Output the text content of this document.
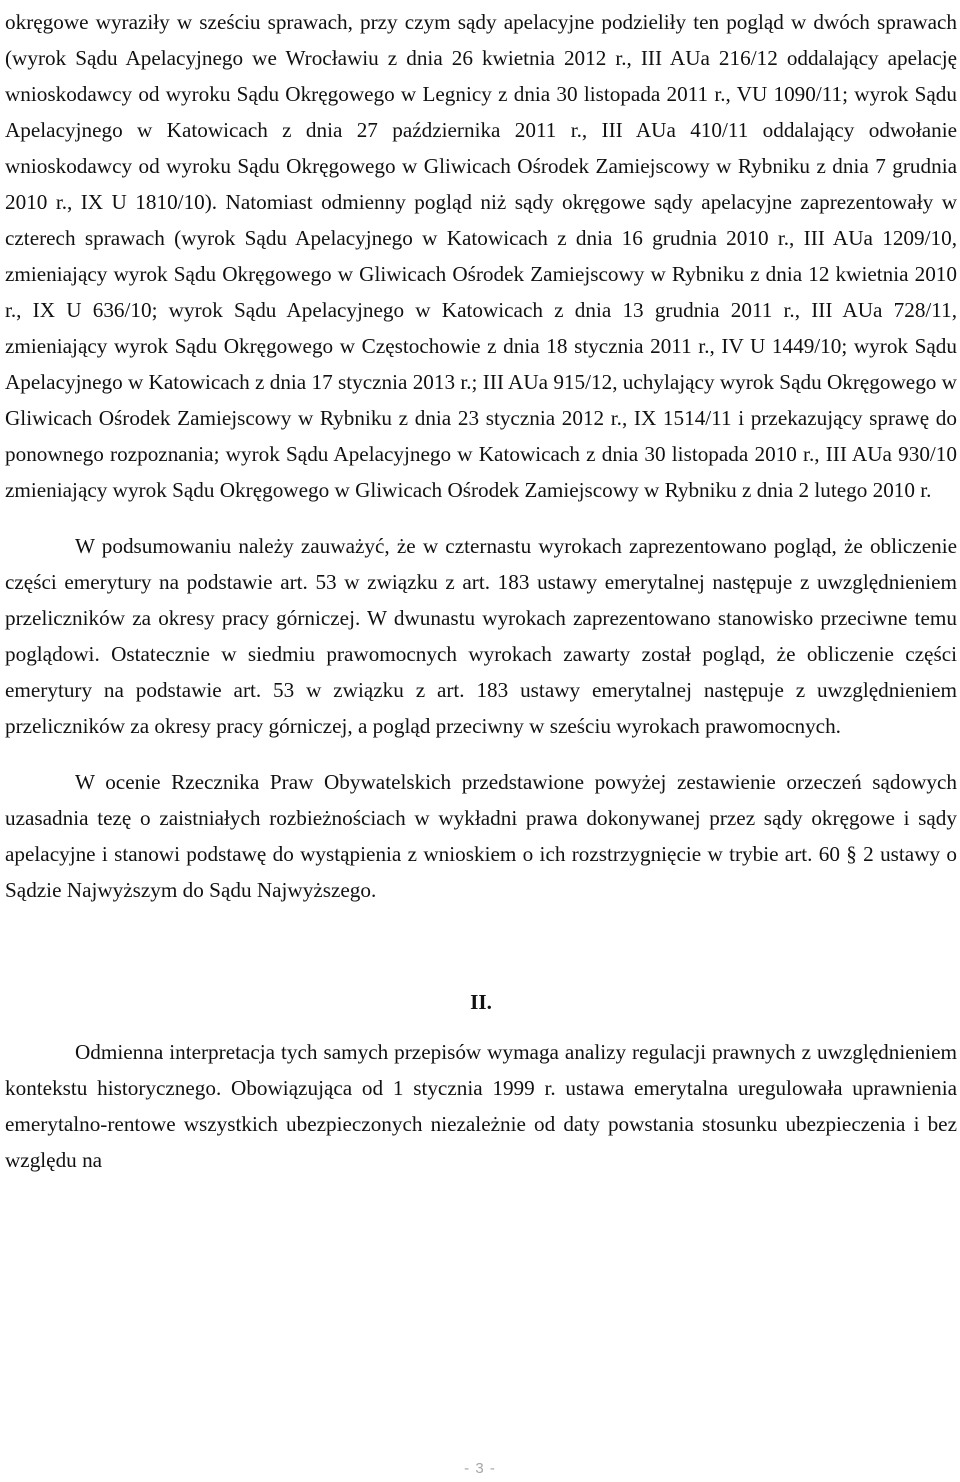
okręgowe wyraziły w sześciu sprawach, przy czym sądy apelacyjne podzieliły ten pogląd w dwóch sprawach (wyrok Sądu Apelacyjnego we Wrocławiu z dnia 26 kwietnia 2012 r., III AUa 216/12 oddalający apelację wnioskodawcy od wyroku Sądu Okręgowego w Legnicy z dnia 30 listopada 2011 r., VU 1090/11; wyrok Sądu Apelacyjnego w Katowicach z dnia 27 października 2011 r., III AUa 410/11 oddalający odwołanie wnioskodawcy od wyroku Sądu Okręgowego w Gliwicach Ośrodek Zamiejscowy w Rybniku z dnia 7 grudnia 2010 r., IX U 1810/10). Natomiast odmienny pogląd niż sądy okręgowe sądy apelacyjne zaprezentowały w czterech sprawach (wyrok Sądu Apelacyjnego w Katowicach z dnia 16 grudnia 2010 r., III AUa 1209/10, zmieniający wyrok Sądu Okręgowego w Gliwicach Ośrodek Zamiejscowy w Rybniku z dnia 12 kwietnia 2010 r., IX U 636/10; wyrok Sądu Apelacyjnego w Katowicach z dnia 13 grudnia 2011 r., III AUa 728/11, zmieniający wyrok Sądu Okręgowego w Częstochowie z dnia 18 stycznia 2011 r., IV U 1449/10; wyrok Sądu Apelacyjnego w Katowicach z dnia 17 stycznia 2013 r.; III AUa 915/12, uchylający wyrok Sądu Okręgowego w Gliwicach Ośrodek Zamiejscowy w Rybniku z dnia 23 stycznia 2012 r., IX 1514/11 i przekazujący sprawę do ponownego rozpoznania; wyrok Sądu Apelacyjnego w Katowicach z dnia 30 listopada 2010 r., III AUa 930/10 zmieniający wyrok Sądu Okręgowego w Gliwicach Ośrodek Zamiejscowy w Rybniku z dnia 2 lutego 2010 r.

W podsumowaniu należy zauważyć, że w czternastu wyrokach zaprezentowano pogląd, że obliczenie części emerytury na podstawie art. 53 w związku z art. 183 ustawy emerytalnej następuje z uwzględnieniem przeliczników za okresy pracy górniczej. W dwunastu wyrokach zaprezentowano stanowisko przeciwne temu poglądowi. Ostatecznie w siedmiu prawomocnych wyrokach zawarty został pogląd, że obliczenie części emerytury na podstawie art. 53 w związku z art. 183 ustawy emerytalnej następuje z uwzględnieniem przeliczników za okresy pracy górniczej, a pogląd przeciwny w sześciu wyrokach prawomocnych.

W ocenie Rzecznika Praw Obywatelskich przedstawione powyżej zestawienie orzeczeń sądowych uzasadnia tezę o zaistniałych rozbieżnościach w wykładni prawa dokonywanej przez sądy okręgowe i sądy apelacyjne i stanowi podstawę do wystąpienia z wnioskiem o ich rozstrzygnięcie w trybie art. 60 § 2 ustawy o Sądzie Najwyższym do Sądu Najwyższego.

II.

Odmienna interpretacja tych samych przepisów wymaga analizy regulacji prawnych z uwzględnieniem kontekstu historycznego. Obowiązująca od 1 stycznia 1999 r. ustawa emerytalna uregulowała uprawnienia emerytalno-rentowe wszystkich ubezpieczonych niezależnie od daty powstania stosunku ubezpieczenia i bez względu na

- 3 -
